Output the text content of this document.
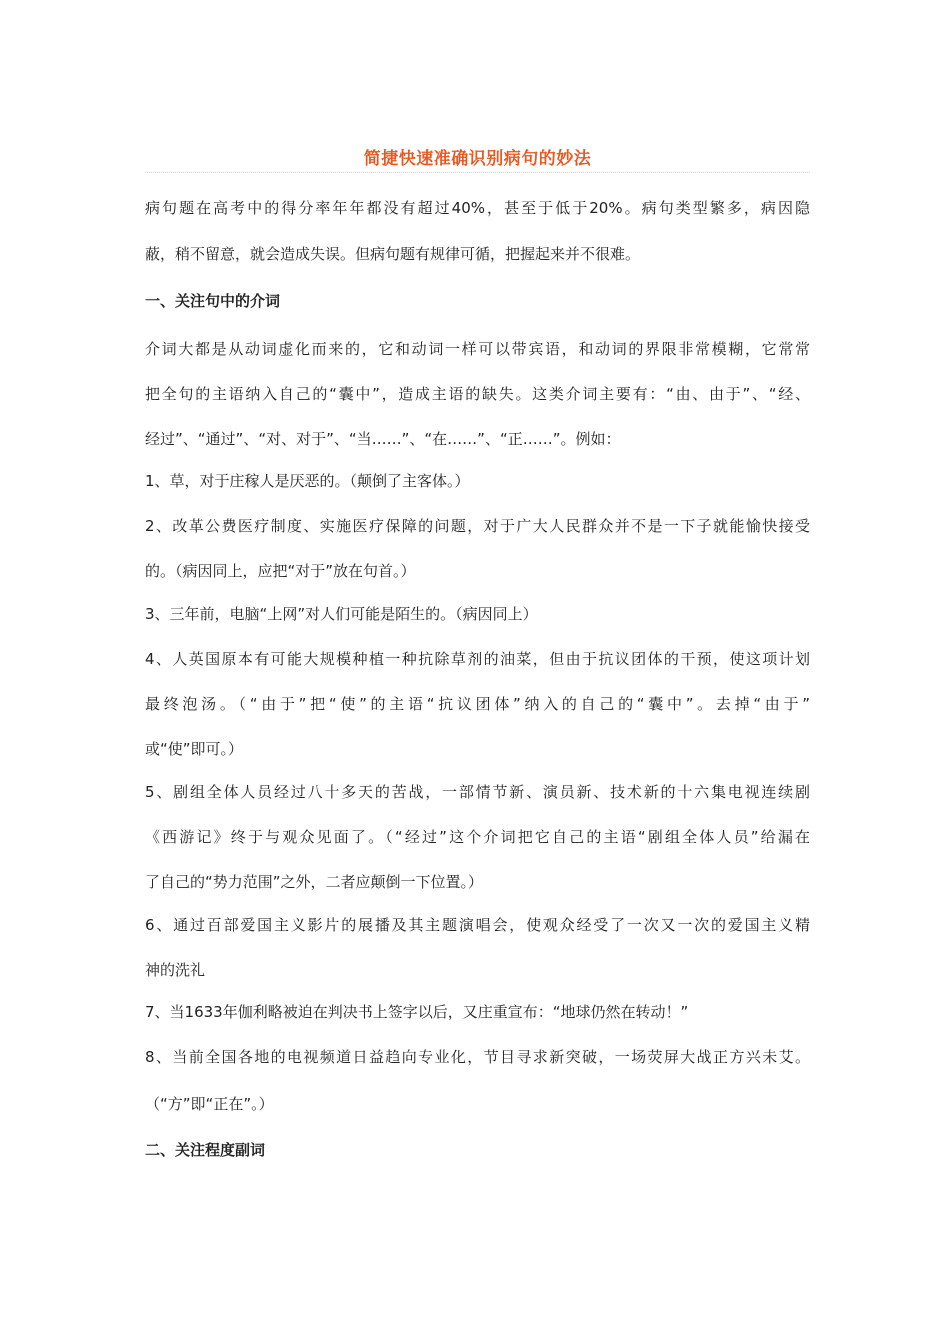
简捷快速准确识别病句的妙法
病句题在高考中的得分率年年都没有超过40%，甚至于低于20%。病句类型繁多，病因隐
蔽，稍不留意，就会造成失误。但病句题有规律可循，把握起来并不很难。
一、关注句中的介词
介词大都是从动词虚化而来的，它和动词一样可以带宾语，和动词的界限非常模糊，它常常
把全句的主语纳入自己的“囊中”，造成主语的缺失。这类介词主要有：“由、由于”、“经、
经过”、“通过”、“对、对于”、“当……”、“在……”、“正……”。例如：
1、草，对于庄稼人是厌恶的。（颠倒了主客体。）
2、改革公费医疗制度、实施医疗保障的问题，对于广大人民群众并不是一下子就能愉快接受
的。（病因同上，应把“对于”放在句首。）
3、三年前，电脑“上网”对人们可能是陌生的。（病因同上）
4、人英国原本有可能大规模种植一种抗除草剂的油菜，但由于抗议团体的干预，使这项计划
最终泡汤。（“由于”把“使”的主语“抗议团体”纳入的自己的“囊中”。去掉“由于”
或“使”即可。）
5、剧组全体人员经过八十多天的苦战，一部情节新、演员新、技术新的十六集电视连续剧
《西游记》终于与观众见面了。（“经过”这个介词把它自己的主语“剧组全体人员”给漏在
了自己的“势力范围”之外，二者应颠倒一下位置。）
6、通过百部爱国主义影片的展播及其主题演唱会，使观众经受了一次又一次的爱国主义精
神的洗礼
7、当1633年伽利略被迫在判决书上签字以后，又庄重宣布：“地球仍然在转动！”
8、当前全国各地的电视频道日益趋向专业化，节目寻求新突破，一场荧屏大战正方兴未艾。
（“方”即“正在”。）
二、关注程度副词
